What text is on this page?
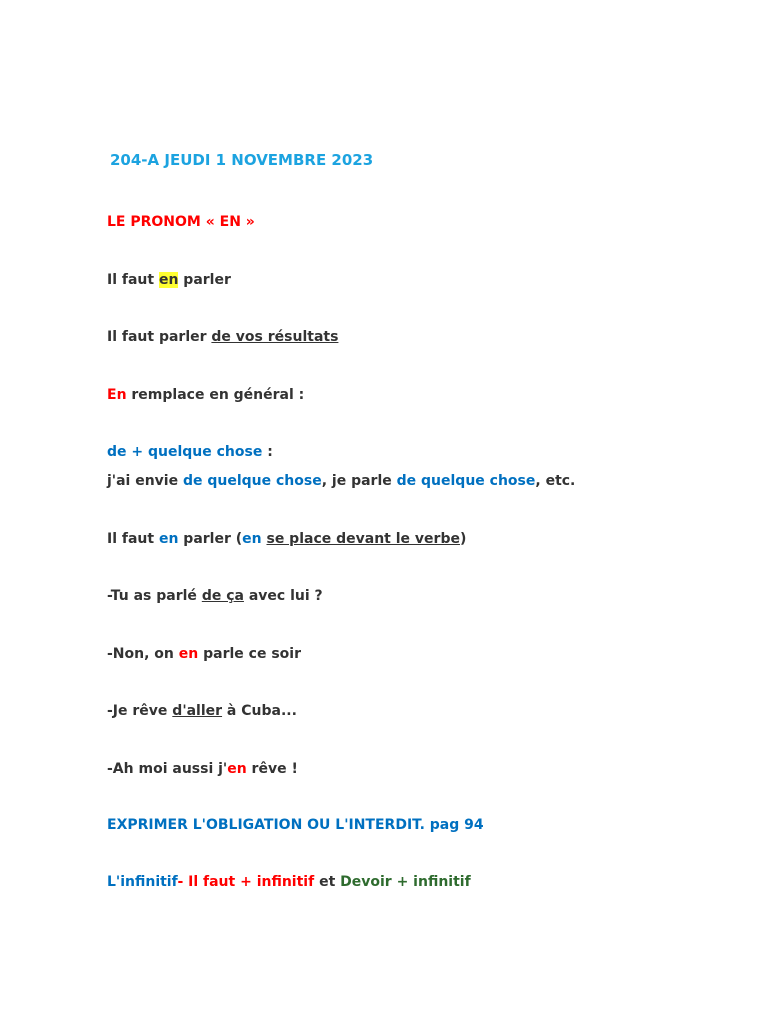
204-A JEUDI 1 NOVEMBRE 2023
LE PRONOM « EN »
Il faut en parler
Il faut parler de vos résultats
En remplace en général :
de + quelque chose :
j'ai envie de quelque chose, je parle de quelque chose, etc.
Il faut en parler (en se place devant le verbe)
-Tu as parlé de ça avec lui ?
-Non, on en parle ce soir
-Je rêve d'aller à Cuba...
-Ah moi aussi j'en rêve !
EXPRIMER L'OBLIGATION OU L'INTERDIT. pag 94
L'infinitif- Il faut + infinitif et Devoir + infinitif
